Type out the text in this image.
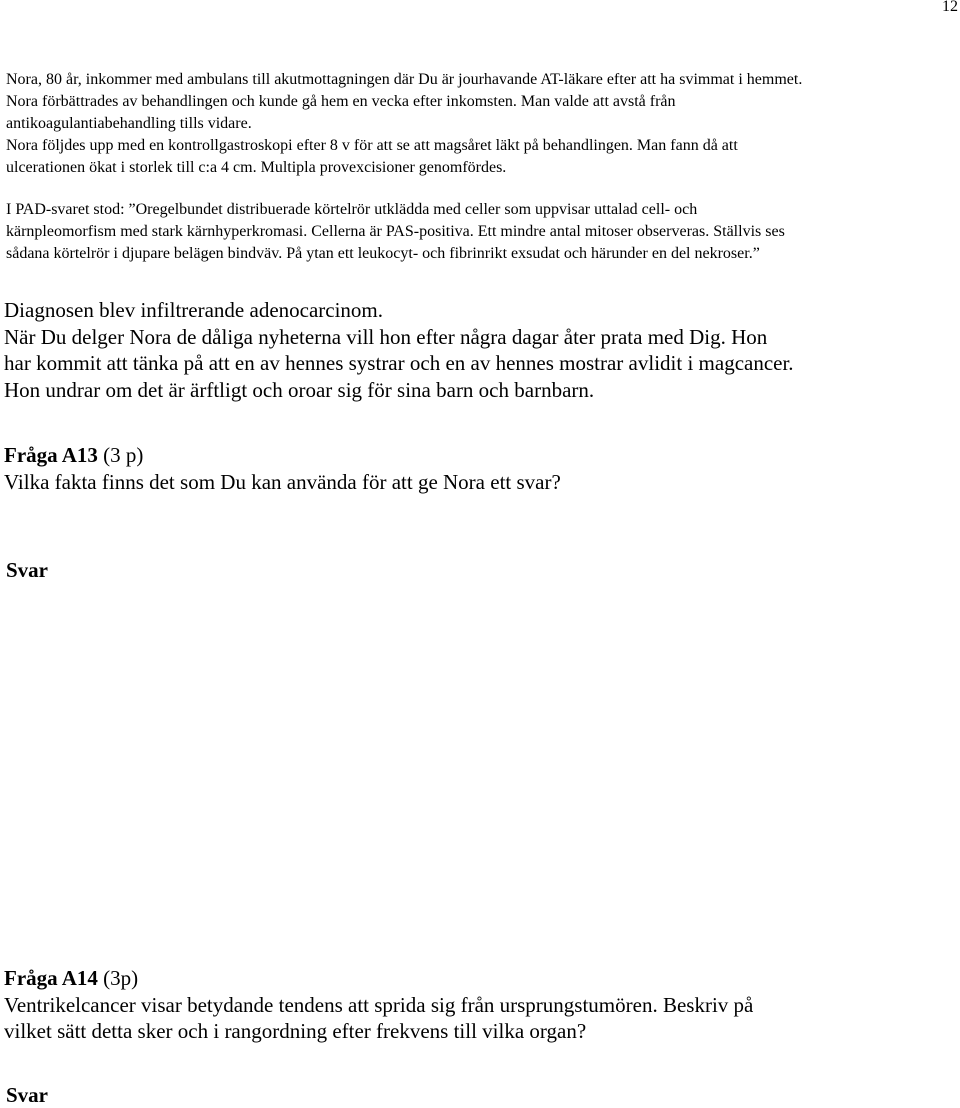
12

Nora, 80 år, inkommer med ambulans till akutmottagningen där Du är jourhavande AT-läkare efter att ha svimmat i hemmet.

Nora förbättrades av behandlingen och kunde gå hem en vecka efter inkomsten. Man valde att avstå från

antikoagulantiabehandling tills vidare.

Nora följdes upp med en kontrollgastroskopi efter 8 v för att se att magsåret läkt på behandlingen. Man fann då att

ulcerationen ökat i storlek till c:a 4 cm. Multipla provexcisioner genomfördes.

I PAD-svaret stod: ”Oregelbundet distribuerade körtelrör utklädda med celler som uppvisar uttalad cell- och

kärnpleomorfism med stark kärnhyperkromasi. Cellerna är PAS-positiva. Ett mindre antal mitoser observeras. Ställvis ses

sådana körtelrör i djupare belägen bindväv. På ytan ett leukocyt- och fibrinrikt exsudat och härunder en del nekroser.”

Diagnosen blev infiltrerande adenocarcinom.

När Du delger Nora de dåliga nyheterna vill hon efter några dagar åter prata med Dig. Hon

har kommit att tänka på att en av hennes systrar och en av hennes mostrar avlidit i magcancer.

Hon undrar om det är ärftligt och oroar sig för sina barn och barnbarn.

Fråga A13 (3 p)

Vilka fakta finns det som Du kan använda för att ge Nora ett svar?

Svar

Fråga A14 (3p)

Ventrikelcancer visar betydande tendens att sprida sig från ursprungstumören. Beskriv på

vilket sätt detta sker och i rangordning efter frekvens till vilka organ?

Svar
